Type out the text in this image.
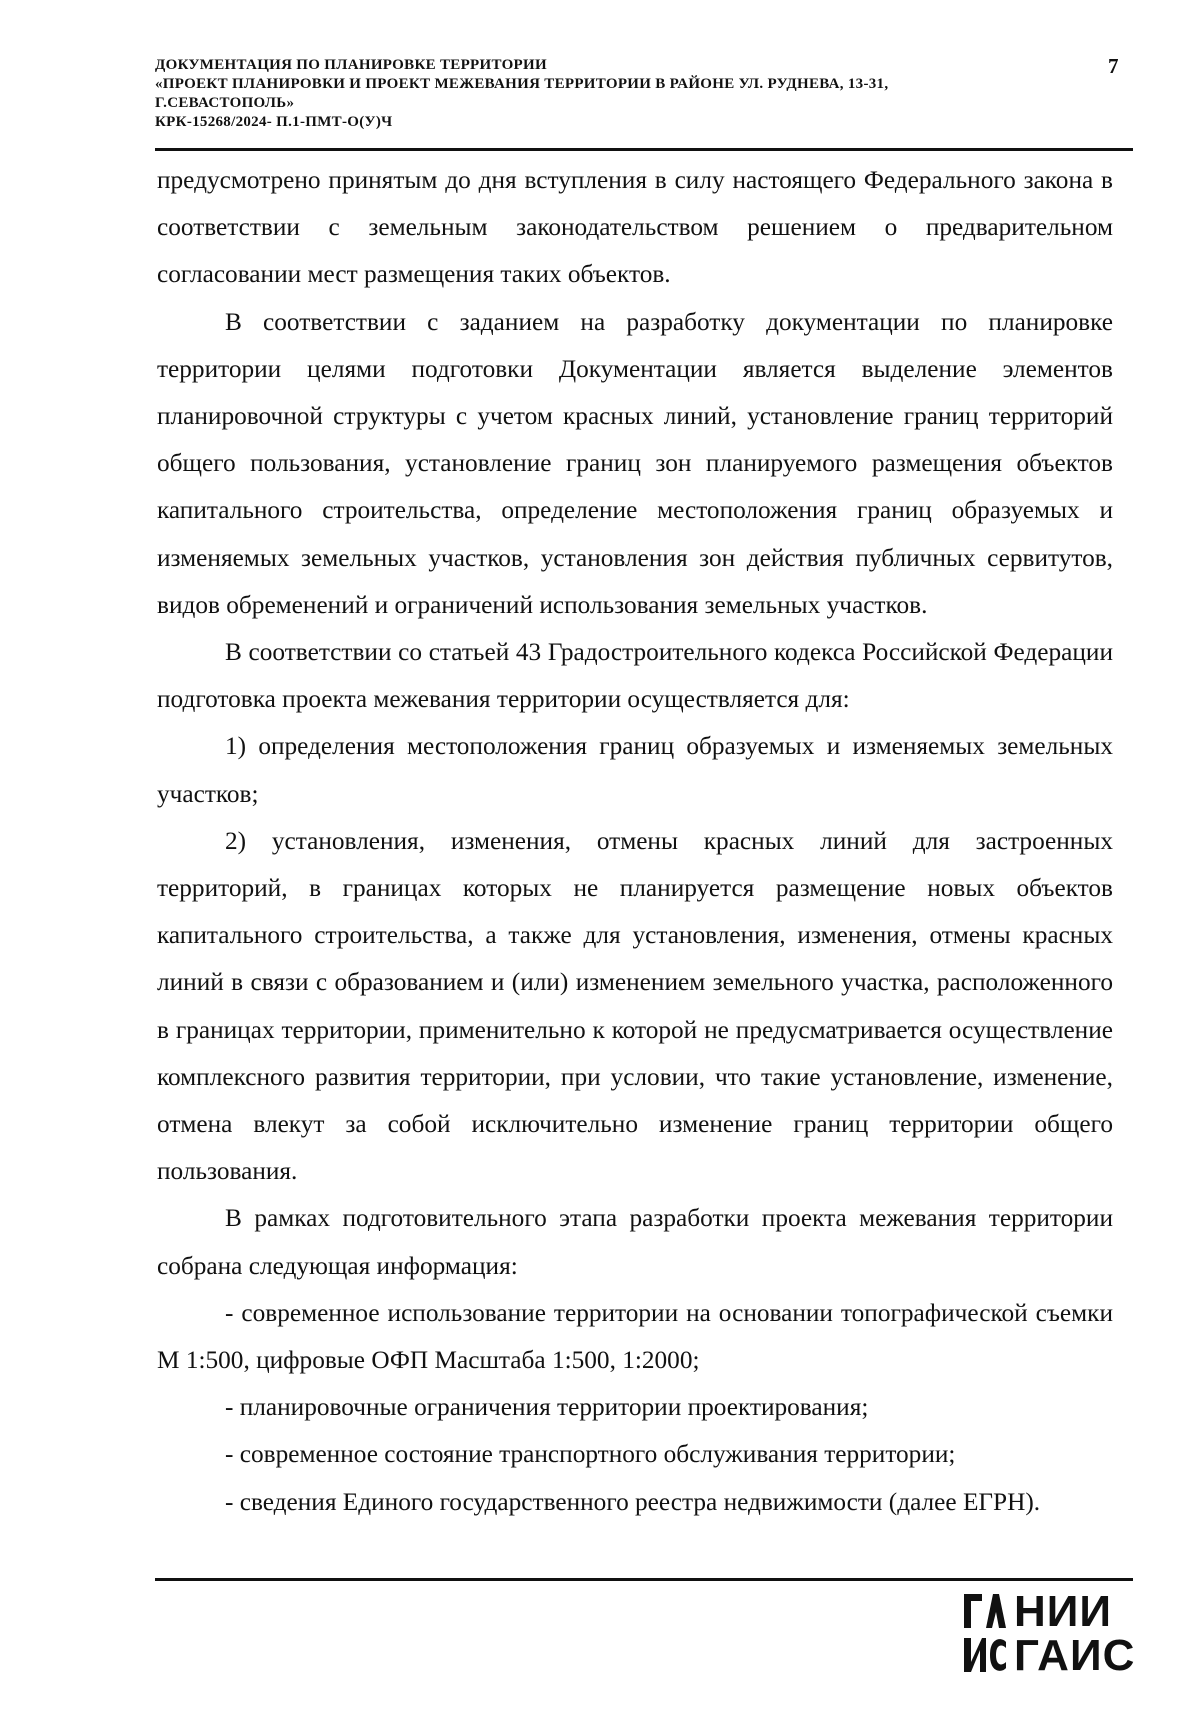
ДОКУМЕНТАЦИЯ ПО ПЛАНИРОВКЕ ТЕРРИТОРИИ
«ПРОЕКТ ПЛАНИРОВКИ И ПРОЕКТ МЕЖЕВАНИЯ ТЕРРИТОРИИ В РАЙОНЕ УЛ. РУДНЕВА, 13-31,
Г.СЕВАСТОПОЛЬ»
КРК-15268/2024- П.1-ПМТ-О(У)Ч
7

предусмотрено принятым до дня вступления в силу настоящего Федерального закона в соответствии с земельным законодательством решением о предварительном согласовании мест размещения таких объектов.

В соответствии с заданием на разработку документации по планировке территории целями подготовки Документации является выделение элементов планировочной структуры с учетом красных линий, установление границ территорий общего пользования, установление границ зон планируемого размещения объектов капитального строительства, определение местоположения границ образуемых и изменяемых земельных участков, установления зон действия публичных сервитутов, видов обременений и ограничений использования земельных участков.

В соответствии со статьей 43 Градостроительного кодекса Российской Федерации подготовка проекта межевания территории осуществляется для:

1) определения местоположения границ образуемых и изменяемых земельных участков;

2) установления, изменения, отмены красных линий для застроенных территорий, в границах которых не планируется размещение новых объектов капитального строительства, а также для установления, изменения, отмены красных линий в связи с образованием и (или) изменением земельного участка, расположенного в границах территории, применительно к которой не предусматривается осуществление комплексного развития территории, при условии, что такие установление, изменение, отмена влекут за собой исключительно изменение границ территории общего пользования.

В рамках подготовительного этапа разработки проекта межевания территории собрана следующая информация:

- современное использование территории на основании топографической съемки М 1:500, цифровые ОФП Масштаба 1:500, 1:2000;

- планировочные ограничения территории проектирования;

- современное состояние транспортного обслуживания территории;

- сведения Единого государственного реестра недвижимости (далее ЕГРН).

НИИ
ГАИС
